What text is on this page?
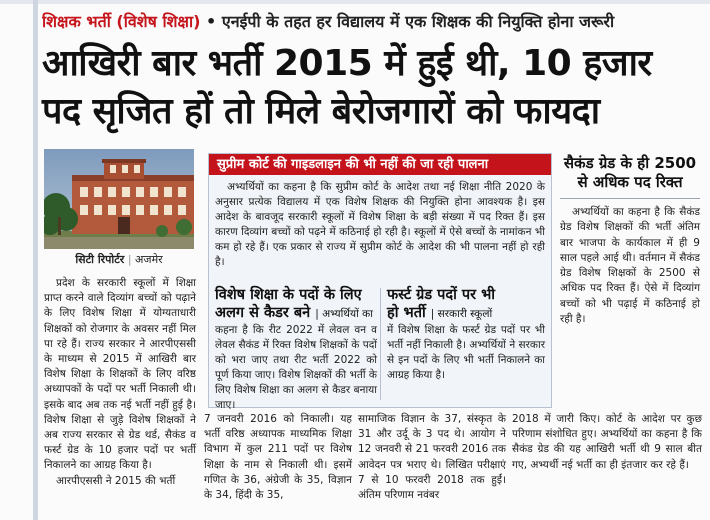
शिक्षक भर्ती (विशेष शिक्षा) • एनईपी के तहत हर विद्यालय में एक शिक्षक की नियुक्ति होना जरूरी
आखिरी बार भर्ती 2015 में हुई थी, 10 हजार
पद सृजित हों तो मिले बेरोजगारों को फायदा
सिटी रिपोर्टर | अजमेर

प्रदेश के सरकारी स्कूलों में शिक्षा प्राप्त करने वाले दिव्यांग बच्चों को पढ़ाने के लिए विशेष शिक्षा में योग्यताधारी शिक्षकों को रोजगार के अवसर नहीं मिल पा रहे हैं। राज्य सरकार ने आरपीएससी के माध्यम से 2015 में आखिरी बार विशेष शिक्षा के शिक्षकों के लिए वरिष्ठ अध्यापकों के पदों पर भर्ती निकाली थी। इसके बाद अब तक नई भर्ती नहीं हुई है। विशेष शिक्षा से जुड़े विशेष शिक्षकों ने अब राज्य सरकार से ग्रेड थर्ड, सैकंड व फर्स्ट ग्रेड के 10 हजार पदों पर भर्ती निकालने का आग्रह किया है।

आरपीएससी ने 2015 की भर्ती

सुप्रीम कोर्ट की गाइडलाइन की भी नहीं की जा रही पालना

अभ्यर्थियों का कहना है कि सुप्रीम कोर्ट के आदेश तथा नई शिक्षा नीति 2020 के अनुसार प्रत्येक विद्यालय में एक विशेष शिक्षक की नियुक्ति होना आवश्यक है। इस आदेश के बावजूद सरकारी स्कूलों में विशेष शिक्षा के बड़ी संख्या में पद रिक्त हैं। इस कारण दिव्यांग बच्चों को पढ़ने में कठिनाई हो रही है। स्कूलों में ऐसे बच्चों के नामांकन भी कम हो रहे हैं। एक प्रकार से राज्य में सुप्रीम कोर्ट के आदेश की भी पालना नहीं हो रही है।

विशेष शिक्षा के पदों के लिए
अलग से कैडर बने | अभ्यर्थियों का
कहना है कि रीट 2022 में लेवल वन व लेवल सैकंड में रिक्त विशेष शिक्षकों के पदों को भरा जाए तथा रीट भर्ती 2022 को पूर्ण किया जाए। विशेष शिक्षकों की भर्ती के लिए विशेष शिक्षा का अलग से कैडर बनाया जाए।
फर्स्ट ग्रेड पदों पर भी
हो भर्ती | सरकारी स्कूलों
में विशेष शिक्षा के फर्स्ट ग्रेड पदों पर भी भर्ती नहीं निकाली है। अभ्यर्थियों ने सरकार से इन पदों के लिए भी भर्ती निकालने का आग्रह किया है।
सैकंड ग्रेड के ही 2500 से अधिक पद रिक्त

अभ्यर्थियों का कहना है कि सैकंड ग्रेड विशेष शिक्षकों की भर्ती अंतिम बार भाजपा के कार्यकाल में ही 9 साल पहले आई थी। वर्तमान में सैकंड ग्रेड विशेष शिक्षकों के 2500 से अधिक पद रिक्त हैं। ऐसे में दिव्यांग बच्चों को भी पढ़ाई में कठिनाई हो रही है।

7 जनवरी 2016 को निकाली। यह भर्ती वरिष्ठ अध्यापक माध्यमिक शिक्षा विभाग में कुल 211 पदों पर विशेष शिक्षा के नाम से निकाली थी। इसमें गणित के 36, अंग्रेजी के 35, विज्ञान के 34, हिंदी के 35,
सामाजिक विज्ञान के 37, संस्कृत के 31 और उर्दू के 3 पद थे। आयोग ने 12 जनवरी से 21 फरवरी 2016 तक आवेदन पत्र भराए थे। लिखित परीक्षाएं 7 से 10 फरवरी 2018 तक हुईं। अंतिम परिणाम नवंबर
2018 में जारी किए। कोर्ट के आदेश पर कुछ परिणाम संशोधित हुए। अभ्यर्थियों का कहना है कि सैकंड ग्रेड की यह आखिरी भर्ती थी 9 साल बीत गए, अभ्यर्थी नई भर्ती का ही इंतजार कर रहे हैं।
